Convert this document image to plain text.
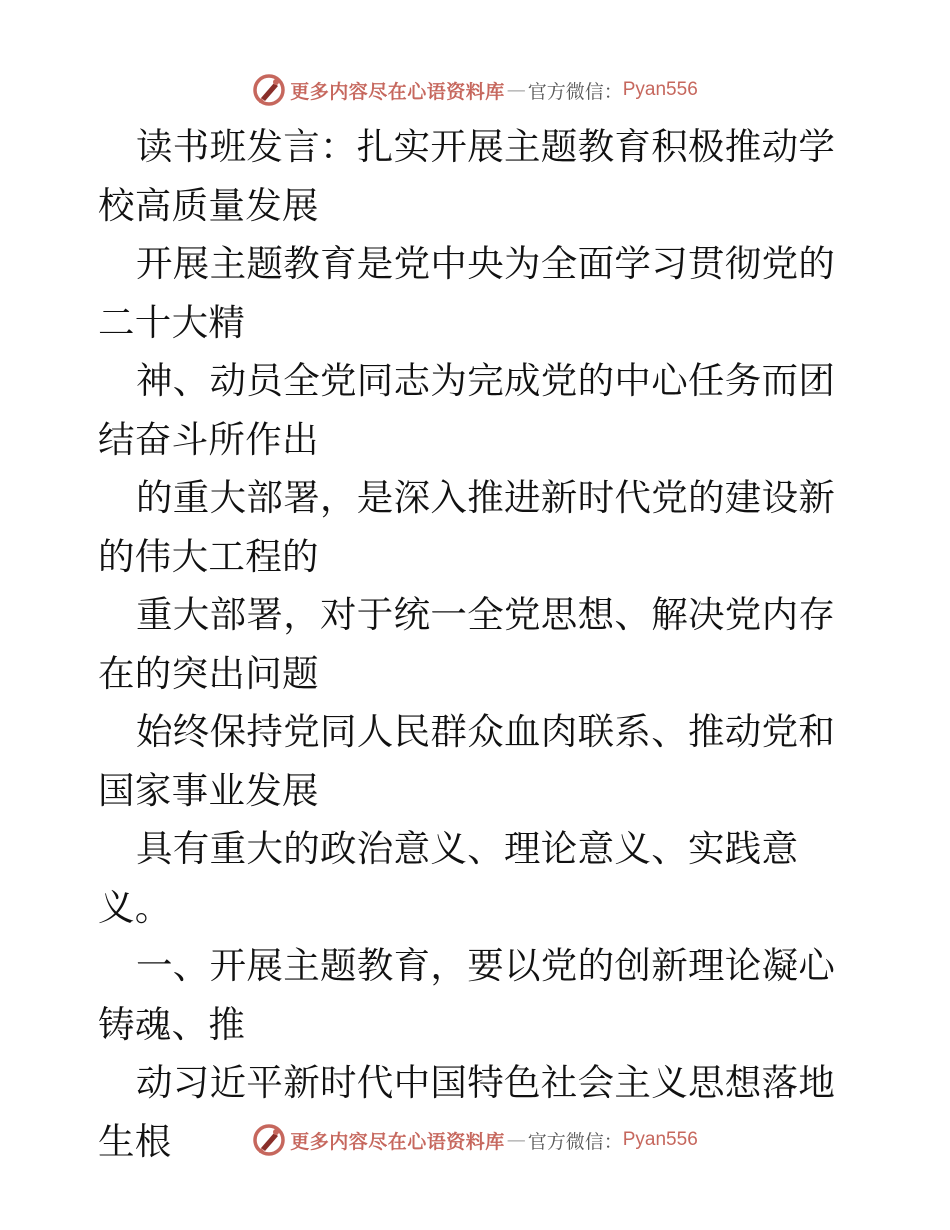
更多内容尽在心语资料库 — 官方微信： Pyan556

读书班发言：扎实开展主题教育积极推动学校高质量发展

开展主题教育是党中央为全面学习贯彻党的二十大精

神、动员全党同志为完成党的中心任务而团结奋斗所作出

的重大部署，是深入推进新时代党的建设新的伟大工程的

重大部署，对于统一全党思想、解决党内存在的突出问题

始终保持党同人民群众血肉联系、推动党和国家事业发展

具有重大的政治意义、理论意义、实践意义。

一、开展主题教育，要以党的创新理论凝心铸魂、推

动习近平新时代中国特色社会主义思想落地生根	更多内容尽在心语资料库 — 官方微信： Pyan556
